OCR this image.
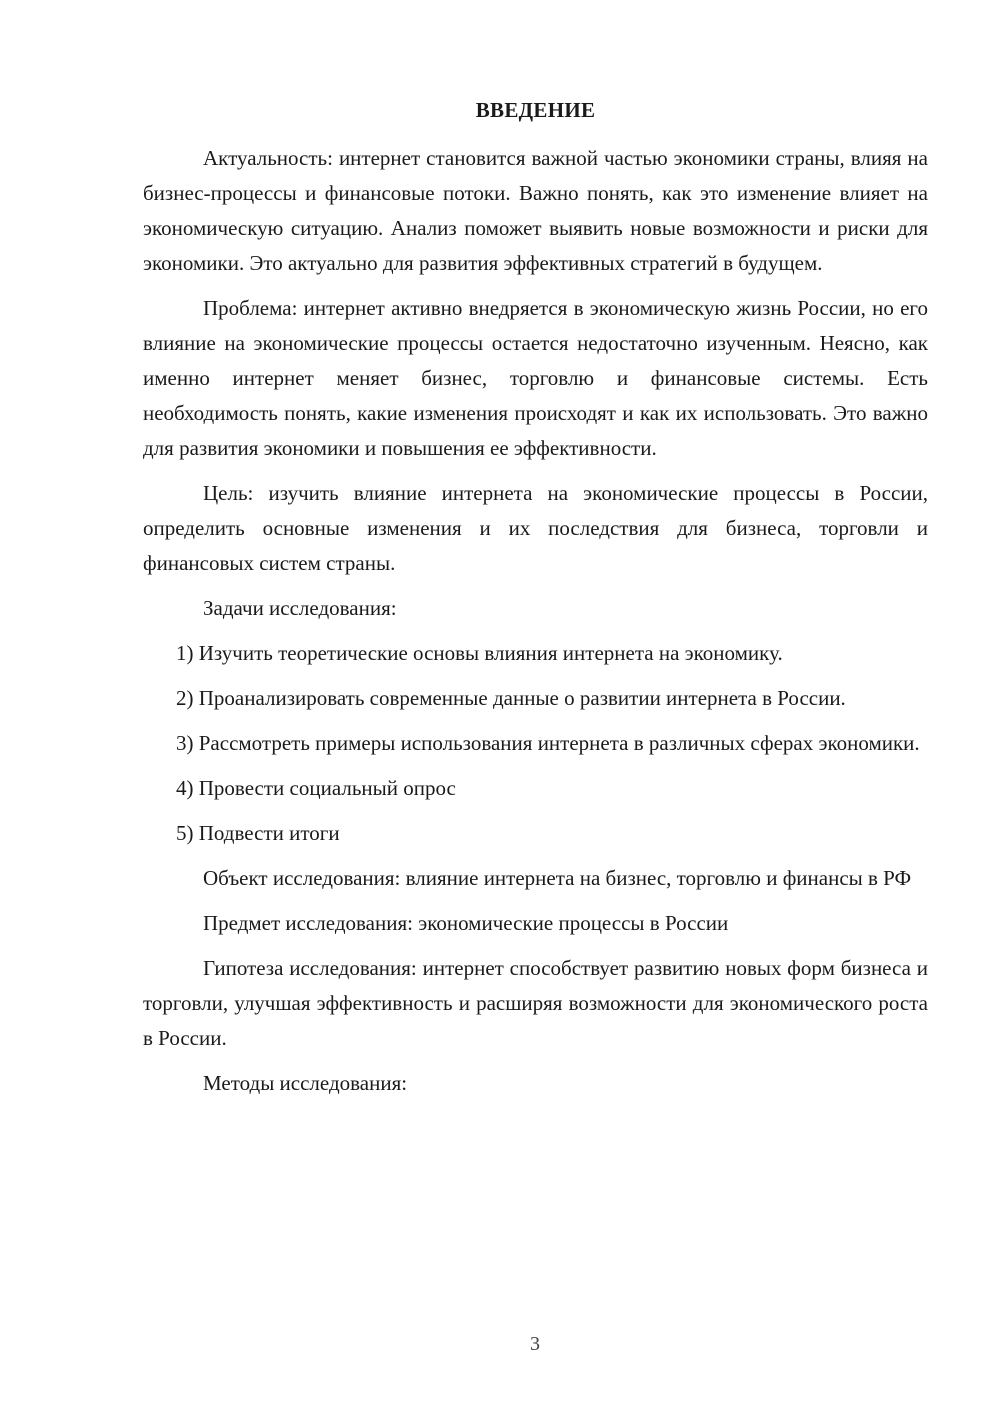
ВВЕДЕНИЕ

Актуальность: интернет становится важной частью экономики страны, влияя на бизнес-процессы и финансовые потоки. Важно понять, как это изменение влияет на экономическую ситуацию. Анализ поможет выявить новые возможности и риски для экономики. Это актуально для развития эффективных стратегий в будущем.

Проблема: интернет активно внедряется в экономическую жизнь России, но его влияние на экономические процессы остается недостаточно изученным. Неясно, как именно интернет меняет бизнес, торговлю и финансовые системы. Есть необходимость понять, какие изменения происходят и как их использовать. Это важно для развития экономики и повышения ее эффективности.

Цель: изучить влияние интернета на экономические процессы в России, определить основные изменения и их последствия для бизнеса, торговли и финансовых систем страны.

Задачи исследования:

1) Изучить теоретические основы влияния интернета на экономику.

2) Проанализировать современные данные о развитии интернета в России.

3) Рассмотреть примеры использования интернета в различных сферах экономики.

4) Провести социальный опрос

5) Подвести итоги

Объект исследования: влияние интернета на бизнес, торговлю и финансы в РФ

Предмет исследования: экономические процессы в России

Гипотеза исследования: интернет способствует развитию новых форм бизнеса и торговли, улучшая эффективность и расширяя возможности для экономического роста в России.

Методы исследования:

3
